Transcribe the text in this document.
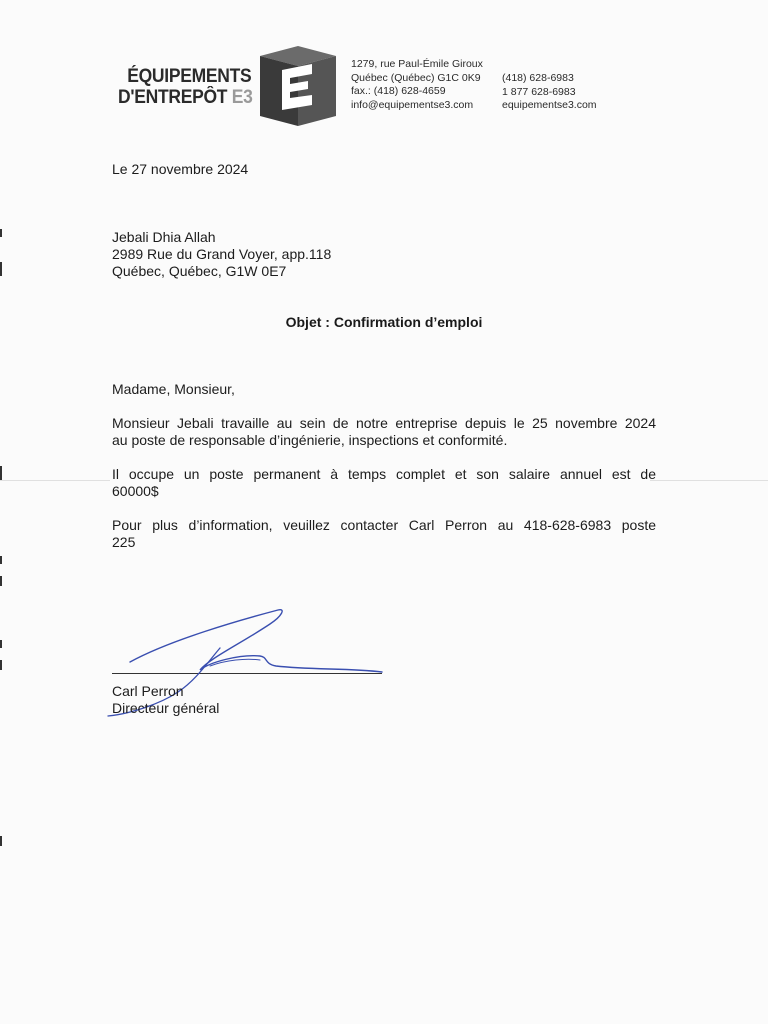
ÉQUIPEMENTS
D'ENTREPÔT E3
1279, rue Paul-Émile Giroux
Québec (Québec) G1C 0K9
fax.: (418) 628-4659
info@equipementse3.com
(418) 628-6983
1 877 628-6983
equipementse3.com
Le 27 novembre 2024
Jebali Dhia Allah
2989 Rue du Grand Voyer, app.118
Québec, Québec, G1W 0E7
Objet : Confirmation d’emploi
Madame, Monsieur,
Monsieur Jebali travaille au sein de notre entreprise depuis le 25 novembre 2024
au poste de responsable d’ingénierie, inspections et conformité.
Il occupe un poste permanent à temps complet et son salaire annuel est de
60000$
Pour plus d’information, veuillez contacter Carl Perron au 418-628-6983 poste
225
Carl Perron
Directeur général
